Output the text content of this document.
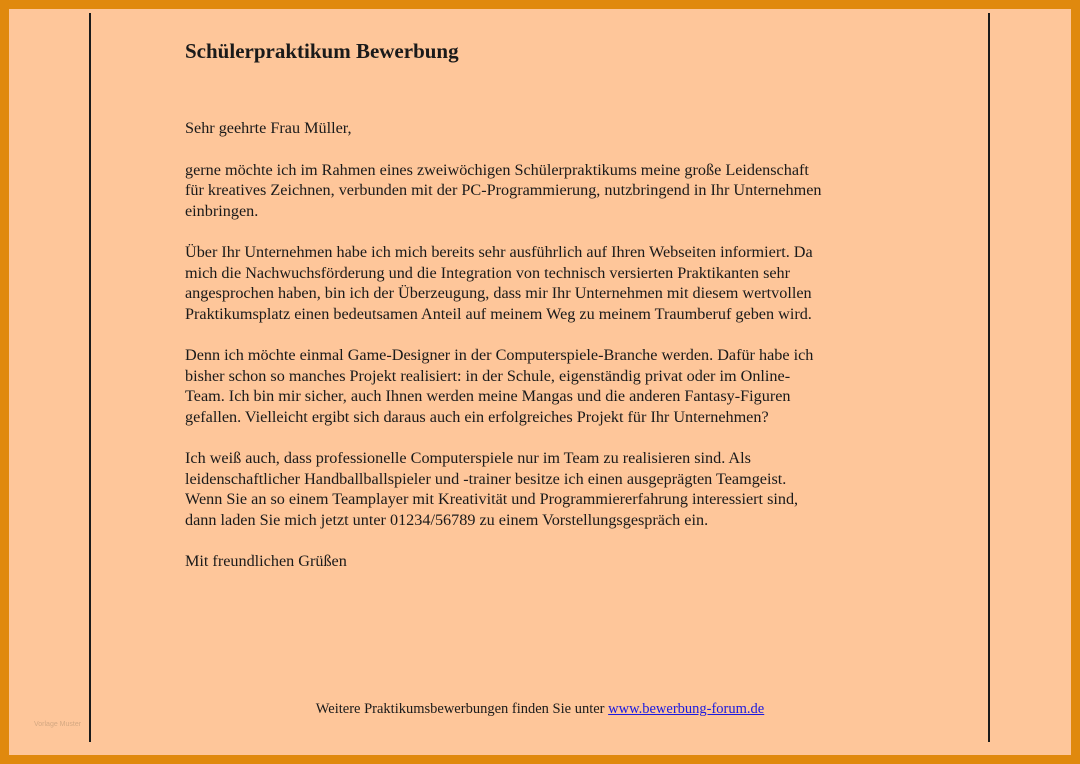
Schülerpraktikum Bewerbung

Sehr geehrte Frau Müller,

gerne möchte ich im Rahmen eines zweiwöchigen Schülerpraktikums meine große Leidenschaft
für kreatives Zeichnen, verbunden mit der PC-Programmierung, nutzbringend in Ihr Unternehmen
einbringen.

Über Ihr Unternehmen habe ich mich bereits sehr ausführlich auf Ihren Webseiten informiert. Da
mich die Nachwuchsförderung und die Integration von technisch versierten Praktikanten sehr
angesprochen haben, bin ich der Überzeugung, dass mir Ihr Unternehmen mit diesem wertvollen
Praktikumsplatz einen bedeutsamen Anteil auf meinem Weg zu meinem Traumberuf geben wird.

Denn ich möchte einmal Game-Designer in der Computerspiele-Branche werden. Dafür habe ich
bisher schon so manches Projekt realisiert: in der Schule, eigenständig privat oder im Online-
Team. Ich bin mir sicher, auch Ihnen werden meine Mangas und die anderen Fantasy-Figuren
gefallen. Vielleicht ergibt sich daraus auch ein erfolgreiches Projekt für Ihr Unternehmen?

Ich weiß auch, dass professionelle Computerspiele nur im Team zu realisieren sind. Als
leidenschaftlicher Handballballspieler und -trainer besitze ich einen ausgeprägten Teamgeist.
Wenn Sie an so einem Teamplayer mit Kreativität und Programmiererfahrung interessiert sind,
dann laden Sie mich jetzt unter 01234/56789 zu einem Vorstellungsgespräch ein.

Mit freundlichen Grüßen

Weitere Praktikumsbewerbungen finden Sie unter www.bewerbung-forum.de
Vorlage Muster
